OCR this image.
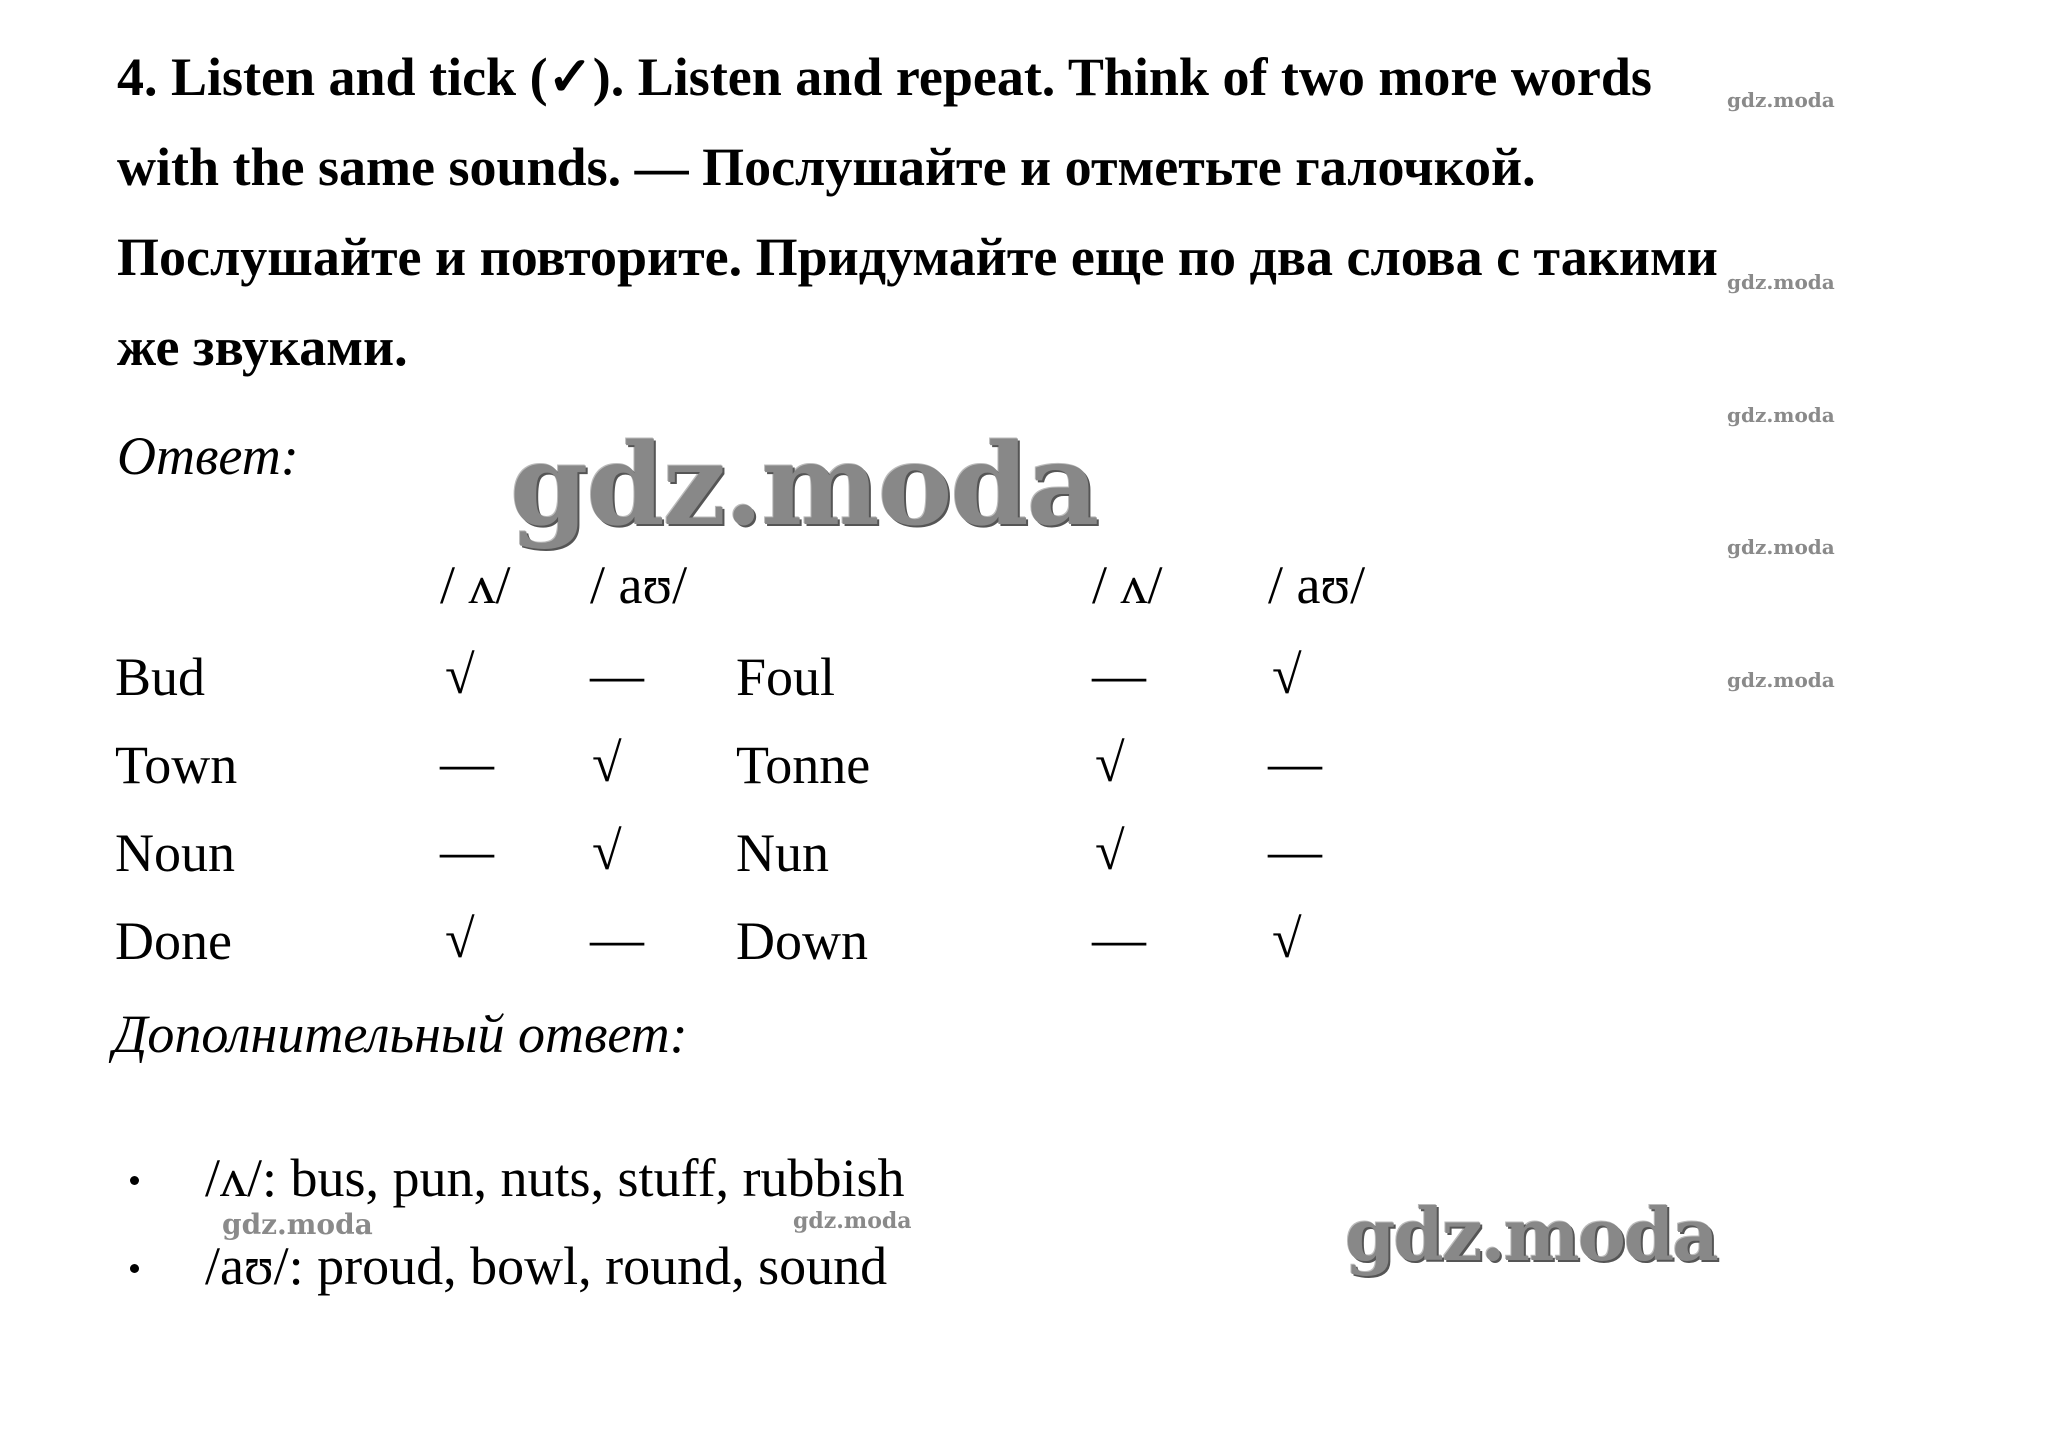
4. Listen and tick (✓). Listen and repeat. Think of two more words
with the same sounds. — Послушайте и отметьте галочкой.
Послушайте и повторите. Придумайте еще по два слова с такими
же звуками.
gdz.moda
gdz.moda
gdz.moda
gdz.moda
gdz.moda

Ответ: gdz.moda
/ ʌ/ / aʊ/	/ ʌ/ / aʊ/
Bud	√ — Foul	— √
Town	— √ Tonne	√	—
Noun	— √ Nun	√	—
Done	√ — Down	— √

Дополнительный ответ:

/ʌ/: bus, pun, nuts, stuff, rubbish
/aʊ/: proud, bowl, round, sound
gdz.moda	gdz.moda	gdz.moda
